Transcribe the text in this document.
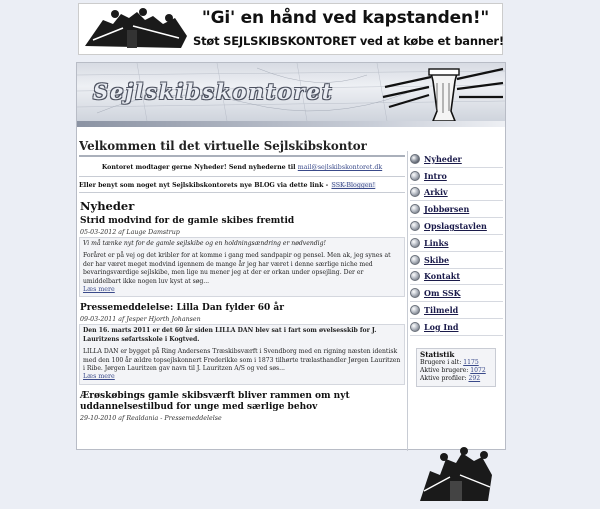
"Gi' en hånd ved kapstanden!"
Støt SEJLSKIBSKONTORET ved at købe et banner!
Sejlskibskontoret
Velkommen til det virtuelle Sejlskibskontor
Kontoret modtager gerne Nyheder! Send nyhederne til mail@sejlskibskontoret.dk
Eller benyt som noget nyt Sejlskibskontorets nye BLOG via dette link - SSK-Bloggen!
Nyheder
Strid modvind for de gamle skibes fremtid
05-03-2012 af Lauge Damstrup

Vi må tænke nyt for de gamle sejlskibe og en holdningsændring er nødvendig!

Foråret er på vej og det kribler for at komme i gang med sandpapir og pensel. Men ak, jeg synes at der har været meget modvind igennem de mange år jeg har været i denne særlige niche med bevaringsværdige sejlskibe, men lige nu mener jeg at der er orkan under opsejling. Der er umiddelbart ikke nogen luv kyst at søg...

Læs mere
Pressemeddelelse: Lilla Dan fylder 60 år
09-03-2011 af Jesper Hjorth Johansen

Den 16. marts 2011 er det 60 år siden LILLA DAN blev sat i fart som øvelsesskib for J. Lauritzens søfartsskole i Kogtved.

LILLA DAN er bygget på Ring Andersens Træskibsværft i Svendborg med en rigning næsten identisk med den 100 år ældre topsejlskonnert Frederikke som i 1873 tilhørte trælasthandler Jørgen Lauritzen i Ribe. Jørgen Lauritzen gav navn til J. Lauritzen A/S og ved søs...

Læs mere
Ærøskøbings gamle skibsværft bliver rammen om nyt uddannelsestilbud for unge med særlige behov
29-10-2010 af Realdania - Pressemeddelelse
Nyheder
Intro
Arkiv
Jobbørsen
Opslagstavlen
Links
Skibe
Kontakt
Om SSK
Tilmeld
Log Ind
Statistik
Brugere i alt: 1175
Aktive brugere: 1072
Aktive profiler: 292
